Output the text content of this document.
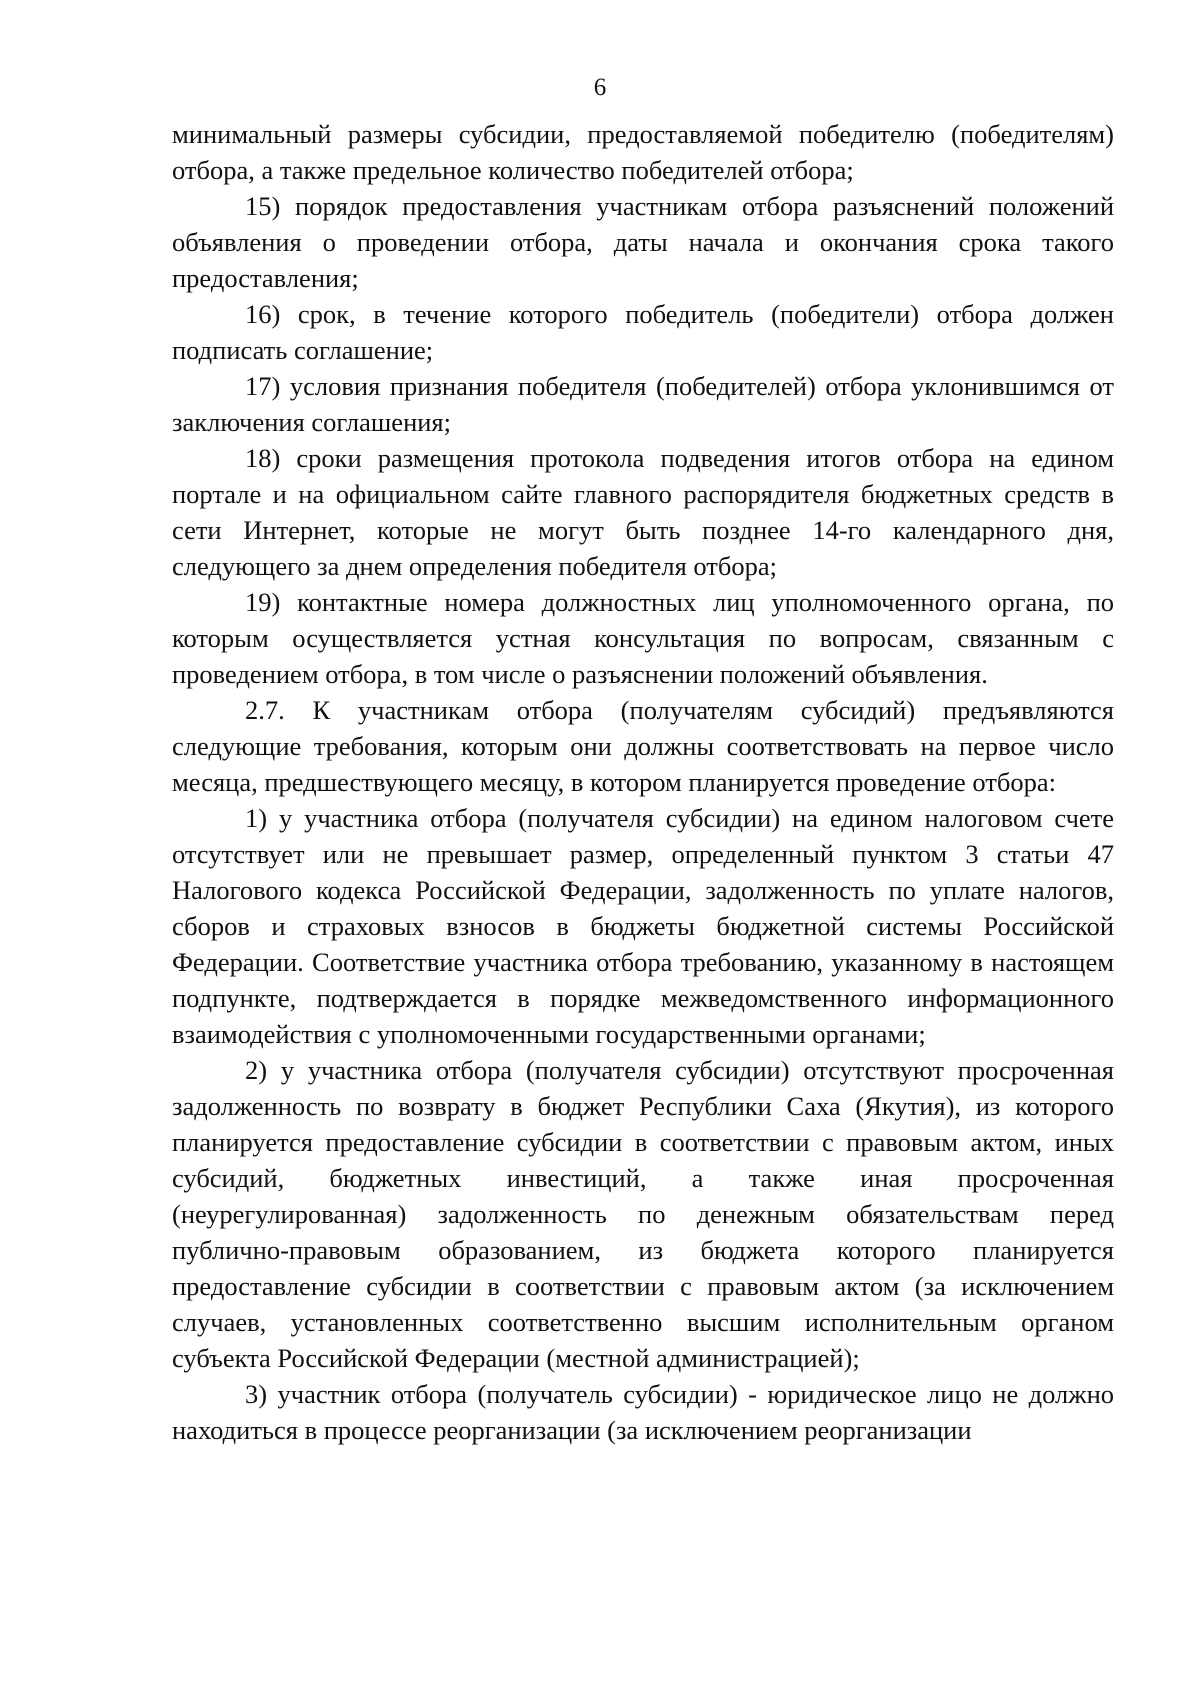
6

минимальный размеры субсидии, предоставляемой победителю (победителям) отбора, а также предельное количество победителей отбора;

15) порядок предоставления участникам отбора разъяснений положений объявления о проведении отбора, даты начала и окончания срока такого предоставления;

16) срок, в течение которого победитель (победители) отбора должен подписать соглашение;

17) условия признания победителя (победителей) отбора уклонившимся от заключения соглашения;

18) сроки размещения протокола подведения итогов отбора на едином портале и на официальном сайте главного распорядителя бюджетных средств в сети Интернет, которые не могут быть позднее 14-го календарного дня, следующего за днем определения победителя отбора;

19) контактные номера должностных лиц уполномоченного органа, по которым осуществляется устная консультация по вопросам, связанным с проведением отбора, в том числе о разъяснении положений объявления.

2.7. К участникам отбора (получателям субсидий) предъявляются следующие требования, которым они должны соответствовать на первое число месяца, предшествующего месяцу, в котором планируется проведение отбора:

1) у участника отбора (получателя субсидии) на едином налоговом счете отсутствует или не превышает размер, определенный пунктом 3 статьи 47 Налогового кодекса Российской Федерации, задолженность по уплате налогов, сборов и страховых взносов в бюджеты бюджетной системы Российской Федерации. Соответствие участника отбора требованию, указанному в настоящем подпункте, подтверждается в порядке межведомственного информационного взаимодействия с уполномоченными государственными органами;

2) у участника отбора (получателя субсидии) отсутствуют просроченная задолженность по возврату в бюджет Республики Саха (Якутия), из которого планируется предоставление субсидии в соответствии с правовым актом, иных субсидий, бюджетных инвестиций, а также иная просроченная (неурегулированная) задолженность по денежным обязательствам перед публично-правовым образованием, из бюджета которого планируется предоставление субсидии в соответствии с правовым актом (за исключением случаев, установленных соответственно высшим исполнительным органом субъекта Российской Федерации (местной администрацией);

3) участник отбора (получатель субсидии) - юридическое лицо не должно находиться в процессе реорганизации (за исключением реорганизации
